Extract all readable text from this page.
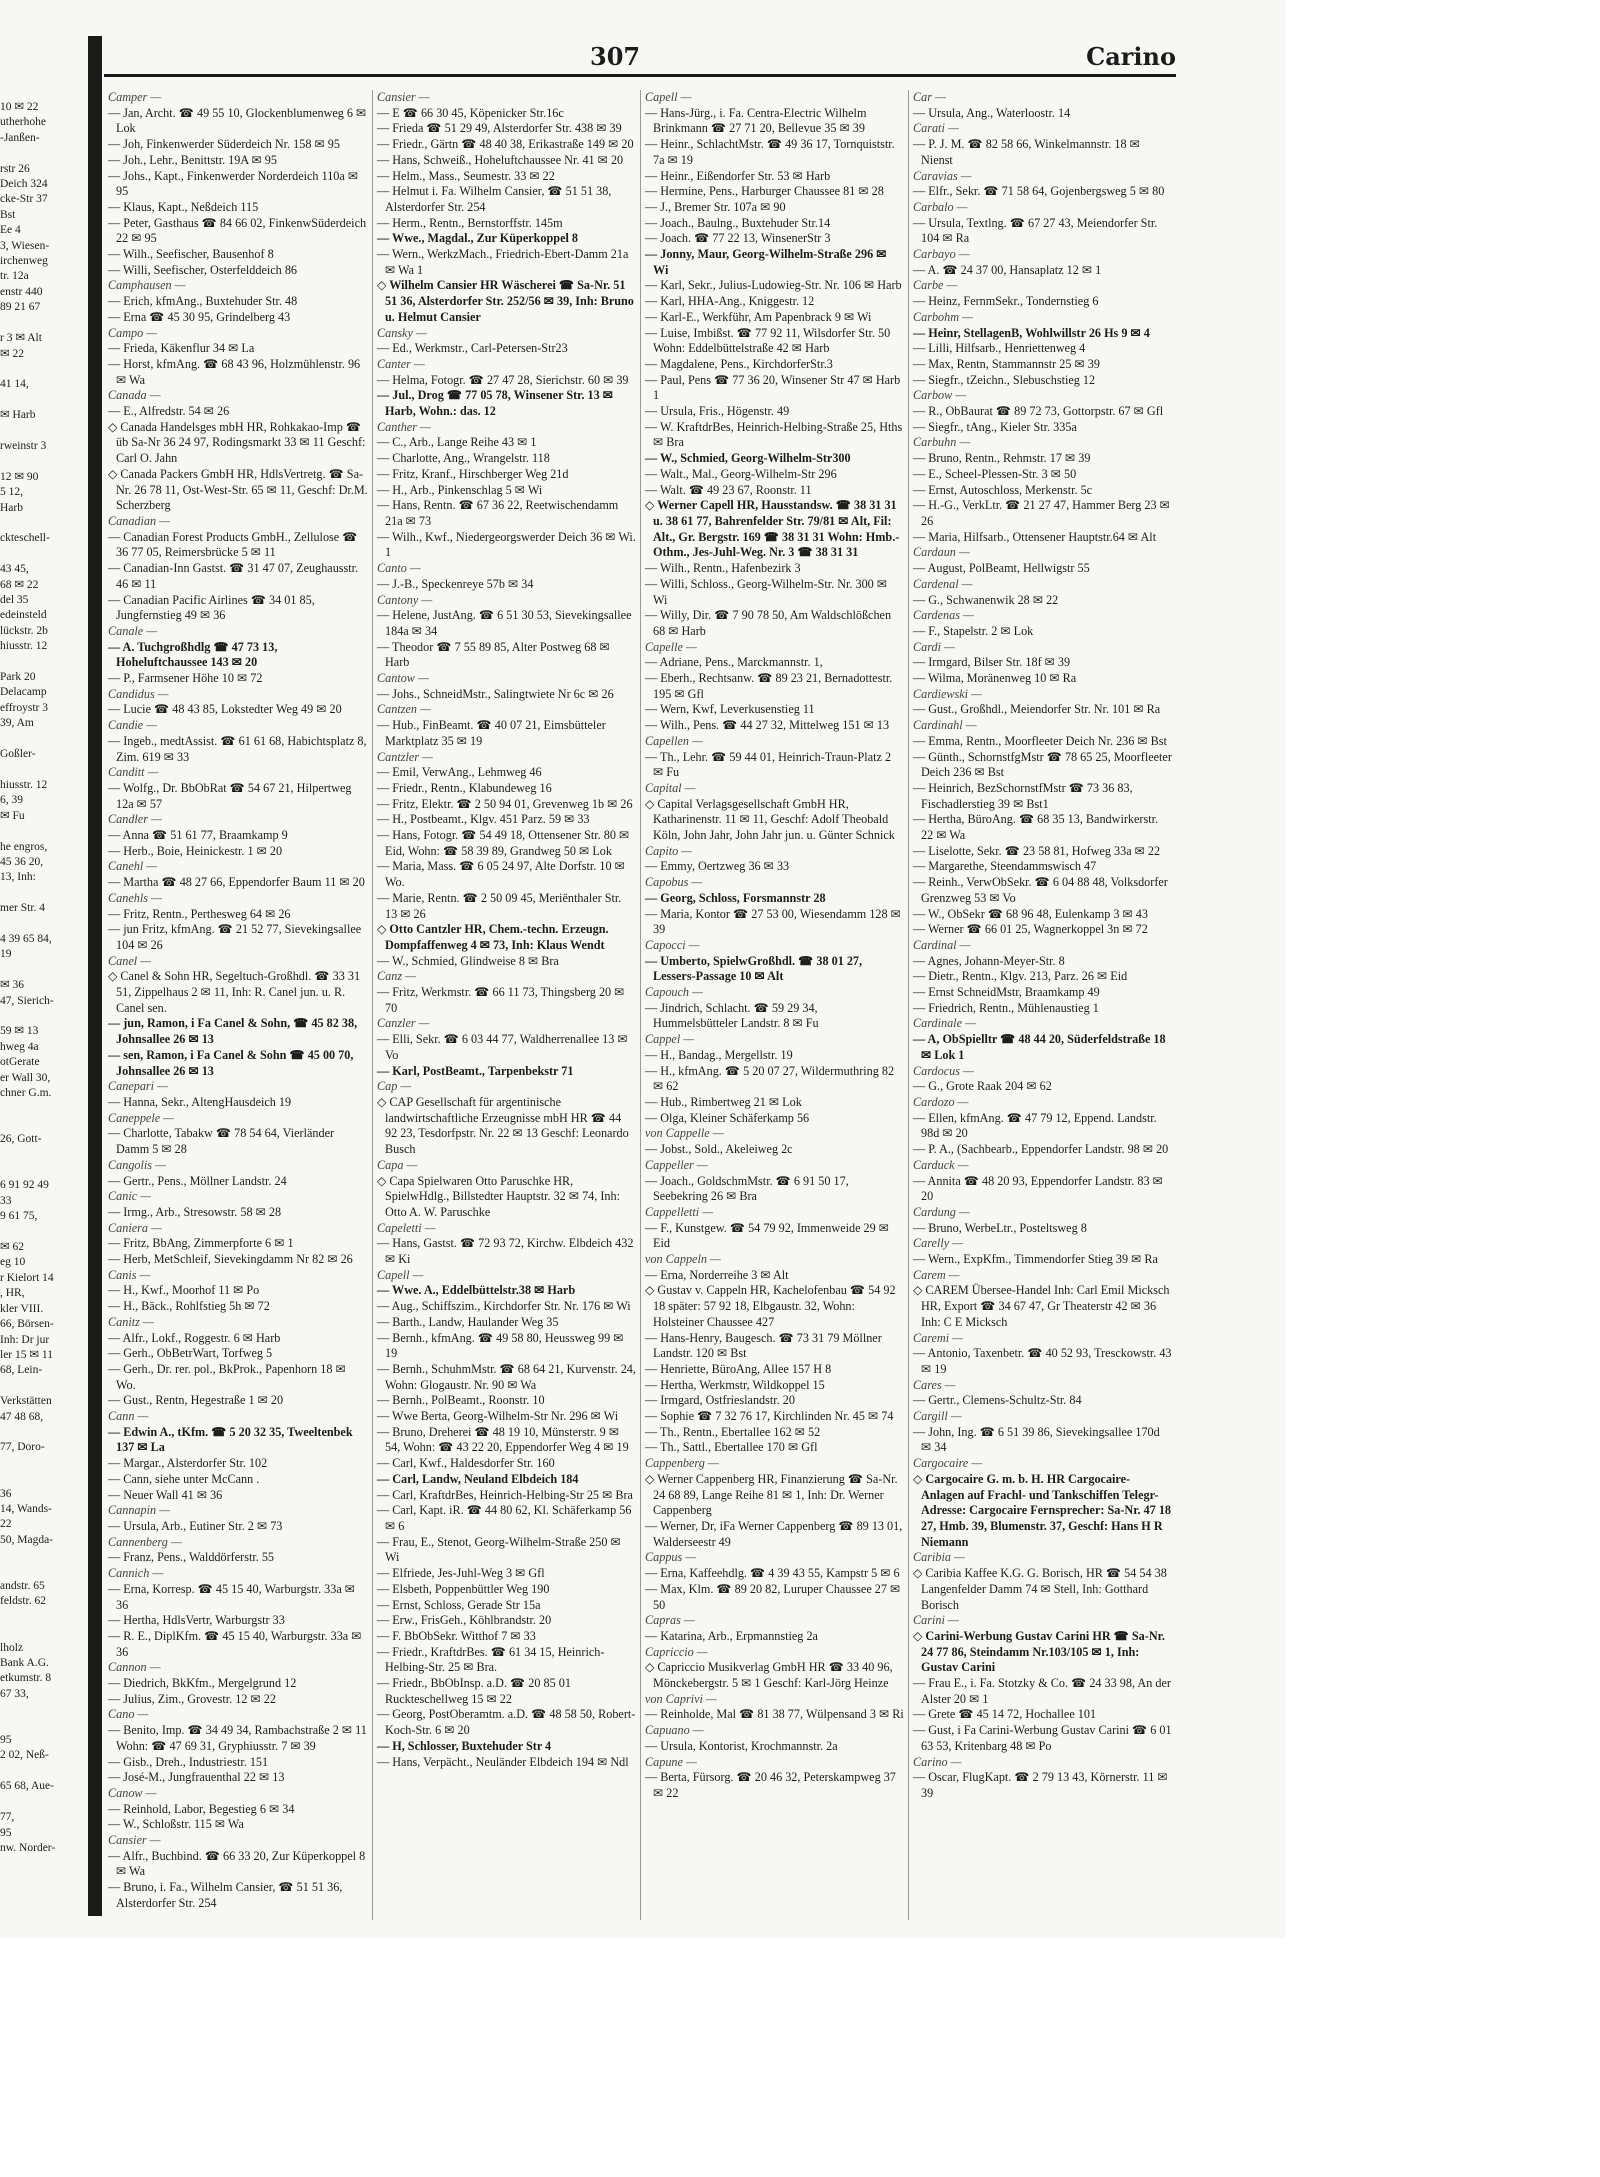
10 ✉ 22
utherhohe
-Janßen-

rstr 26
Deich 324
cke-Str 37
Bst
Ee 4
3, Wiesen-
irchenweg
tr. 12a
enstr 440
89 21 67

r 3 ✉ Alt
✉ 22

41 14,

✉ Harb

rweinstr 3

12 ✉ 90
5 12,
Harb

ckteschell-

43 45,
68 ✉ 22
del 35
edeinsteld
lückstr. 2b
hiusstr. 12

Park 20
Delacamp
effroystr 3
39, Am

Goßler-

hiusstr. 12
6, 39
✉ Fu

he engros,
45 36 20,
13, Inh:

mer Str. 4

4 39 65 84,
19

✉ 36
47, Sierich-

59 ✉ 13
hweg 4a
otGerate
er Wall 30,
chner G.m.

26, Gott-

6 91 92 49
33
9 61 75,

✉ 62
eg 10
r Kielort 14
, HR,
kler VIII.
66, Börsen-
Inh: Dr jur
ler 15 ✉ 11
68, Lein-

Verkstätten
47 48 68,

77, Doro-

36
14, Wands-
22
50, Magda-

andstr. 65
feldstr. 62

lholz
Bank A.G.
etkumstr. 8
67 33,

95
2 02, Neß-

65 68, Aue-

77,
95
nw. Norder-
307	Carino
Camper —
— Jan, Archt. ☎ 49 55 10, Glockenblumenweg 6 ✉ Lok
— Joh, Finkenwerder Süderdeich Nr. 158 ✉ 95
— Joh., Lehr., Benittstr. 19A ✉ 95
— Johs., Kapt., Finkenwerder Norderdeich 110a ✉ 95
— Klaus, Kapt., Neßdeich 115
— Peter, Gasthaus ☎ 84 66 02, FinkenwSüderdeich 22 ✉ 95
— Wilh., Seefischer, Bausenhof 8
— Willi, Seefischer, Osterfelddeich 86
Camphausen —
— Erich, kfmAng., Buxtehuder Str. 48
— Erna ☎ 45 30 95, Grindelberg 43
Campo —
— Frieda, Käkenflur 34 ✉ La
— Horst, kfmAng. ☎ 68 43 96, Holzmühlenstr. 96 ✉ Wa
Canada —
— E., Alfredstr. 54 ✉ 26
◇ Canada Handelsges mbH HR, Rohkakao-Imp ☎ üb Sa-Nr 36 24 97, Rodingsmarkt 33 ✉ 11 Geschf: Carl O. Jahn
◇ Canada Packers GmbH HR, HdlsVertretg. ☎ Sa-Nr. 26 78 11, Ost-West-Str. 65 ✉ 11, Geschf: Dr.M. Scherzberg
Canadian —
— Canadian Forest Products GmbH., Zellulose ☎ 36 77 05, Reimersbrücke 5 ✉ 11
— Canadian-Inn Gastst. ☎ 31 47 07, Zeughausstr. 46 ✉ 11
— Canadian Pacific Airlines ☎ 34 01 85, Jungfernstieg 49 ✉ 36
Canale —
— A. Tuchgroßhdlg ☎ 47 73 13, Hoheluftchaussee 143 ✉ 20
— P., Farmsener Höhe 10 ✉ 72
Candidus —
— Lucie ☎ 48 43 85, Lokstedter Weg 49 ✉ 20
Candie —
— Ingeb., medtAssist. ☎ 61 61 68, Habichtsplatz 8, Zim. 619 ✉ 33
Canditt —
— Wolfg., Dr. BbObRat ☎ 54 67 21, Hilpertweg 12a ✉ 57
Candler —
— Anna ☎ 51 61 77, Braamkamp 9
— Herb., Boie, Heinickestr. 1 ✉ 20
Canehl —
— Martha ☎ 48 27 66, Eppendorfer Baum 11 ✉ 20
Canehls —
— Fritz, Rentn., Perthesweg 64 ✉ 26
— jun Fritz, kfmAng. ☎ 21 52 77, Sievekingsallee 104 ✉ 26
Canel —
◇ Canel & Sohn HR, Segeltuch-Großhdl. ☎ 33 31 51, Zippelhaus 2 ✉ 11, Inh: R. Canel jun. u. R. Canel sen.
— jun, Ramon, i Fa Canel & Sohn, ☎ 45 82 38, Johnsallee 26 ✉ 13
— sen, Ramon, i Fa Canel & Sohn ☎ 45 00 70, Johnsallee 26 ✉ 13
Canepari —
— Hanna, Sekr., AltengHausdeich 19
Caneppele —
— Charlotte, Tabakw ☎ 78 54 64, Vierländer Damm 5 ✉ 28
Cangolis —
— Gertr., Pens., Möllner Landstr. 24
Canic —
— Irmg., Arb., Stresowstr. 58 ✉ 28
Caniera —
— Fritz, BbAng, Zimmerpforte 6 ✉ 1
— Herb, MetSchleif, Sievekingdamm Nr 82 ✉ 26
Canis —
— H., Kwf., Moorhof 11 ✉ Po
— H., Bäck., Rohlfstieg 5h ✉ 72
Canitz —
— Alfr., Lokf., Roggestr. 6 ✉ Harb
— Gerh., ObBetrWart, Torfweg 5
— Gerh., Dr. rer. pol., BkProk., Papenhorn 18 ✉ Wo.
— Gust., Rentn, Hegestraße 1 ✉ 20
Cann —
— Edwin A., tKfm. ☎ 5 20 32 35, Tweeltenbek 137 ✉ La
— Margar., Alsterdorfer Str. 102
— Cann, siehe unter McCann .
— Neuer Wall 41 ✉ 36
Cannapin —
— Ursula, Arb., Eutiner Str. 2 ✉ 73
Cannenberg —
— Franz, Pens., Walddörferstr. 55
Cannich —
— Erna, Korresp. ☎ 45 15 40, Warburgstr. 33a ✉ 36
— Hertha, HdlsVertr, Warburgstr 33
— R. E., DiplKfm. ☎ 45 15 40, Warburgstr. 33a ✉ 36
Cannon —
— Diedrich, BkKfm., Mergelgrund 12
— Julius, Zim., Grovestr. 12 ✉ 22
Cano —
— Benito, Imp. ☎ 34 49 34, Rambachstraße 2 ✉ 11 Wohn: ☎ 47 69 31, Gryphiusstr. 7 ✉ 39
— Gisb., Dreh., Industriestr. 151
— José-M., Jungfrauenthal 22 ✉ 13
Canow —
— Reinhold, Labor, Begestieg 6 ✉ 34
— W., Schloßstr. 115 ✉ Wa
Cansier —
— Alfr., Buchbind. ☎ 66 33 20, Zur Küperkoppel 8 ✉ Wa
— Bruno, i. Fa., Wilhelm Cansier, ☎ 51 51 36, Alsterdorfer Str. 254
Cansier —
— E ☎ 66 30 45, Köpenicker Str.16c
— Frieda ☎ 51 29 49, Alsterdorfer Str. 438 ✉ 39
— Friedr., Gärtn ☎ 48 40 38, Erikastraße 149 ✉ 20
— Hans, Schweiß., Hoheluftchaussee Nr. 41 ✉ 20
— Helm., Mass., Seumestr. 33 ✉ 22
— Helmut i. Fa. Wilhelm Cansier, ☎ 51 51 38, Alsterdorfer Str. 254
— Herm., Rentn., Bernstorffstr. 145m
— Wwe., Magdal., Zur Küperkoppel 8
— Wern., WerkzMach., Friedrich-Ebert-Damm 21a ✉ Wa 1
◇ Wilhelm Cansier HR Wäscherei ☎ Sa-Nr. 51 51 36, Alsterdorfer Str. 252/56 ✉ 39, Inh: Bruno u. Helmut Cansier
Cansky —
— Ed., Werkmstr., Carl-Petersen-Str23
Canter —
— Helma, Fotogr. ☎ 27 47 28, Sierichstr. 60 ✉ 39
— Jul., Drog ☎ 77 05 78, Winsener Str. 13 ✉ Harb, Wohn.: das. 12
Canther —
— C., Arb., Lange Reihe 43 ✉ 1
— Charlotte, Ang., Wrangelstr. 118
— Fritz, Kranf., Hirschberger Weg 21d
— H., Arb., Pinkenschlag 5 ✉ Wi
— Hans, Rentn. ☎ 67 36 22, Reetwischendamm 21a ✉ 73
— Wilh., Kwf., Niedergeorgswerder Deich 36 ✉ Wi. 1
Canto —
— J.-B., Speckenreye 57b ✉ 34
Cantony —
— Helene, JustAng. ☎ 6 51 30 53, Sievekingsallee 184a ✉ 34
— Theodor ☎ 7 55 89 85, Alter Postweg 68 ✉ Harb
Cantow —
— Johs., SchneidMstr., Salingtwiete Nr 6c ✉ 26
Cantzen —
— Hub., FinBeamt. ☎ 40 07 21, Eimsbütteler Marktplatz 35 ✉ 19
Cantzler —
— Emil, VerwAng., Lehmweg 46
— Friedr., Rentn., Klabundeweg 16
— Fritz, Elektr. ☎ 2 50 94 01, Grevenweg 1b ✉ 26
— H., Postbeamt., Klgv. 451 Parz. 59 ✉ 33
— Hans, Fotogr. ☎ 54 49 18, Ottensener Str. 80 ✉ Eid, Wohn: ☎ 58 39 89, Grandweg 50 ✉ Lok
— Maria, Mass. ☎ 6 05 24 97, Alte Dorfstr. 10 ✉ Wo.
— Marie, Rentn. ☎ 2 50 09 45, Meriënthaler Str. 13 ✉ 26
◇ Otto Cantzler HR, Chem.-techn. Erzeugn. Dompfaffenweg 4 ✉ 73, Inh: Klaus Wendt
— W., Schmied, Glindweise 8 ✉ Bra
Canz —
— Fritz, Werkmstr. ☎ 66 11 73, Thingsberg 20 ✉ 70
Canzler —
— Elli, Sekr. ☎ 6 03 44 77, Waldherrenallee 13 ✉ Vo
— Karl, PostBeamt., Tarpenbekstr 71
Cap —
◇ CAP Gesellschaft für argentinische landwirtschaftliche Erzeugnisse mbH HR ☎ 44 92 23, Tesdorfpstr. Nr. 22 ✉ 13 Geschf: Leonardo Busch
Capa —
◇ Capa Spielwaren Otto Paruschke HR, SpielwHdlg., Billstedter Hauptstr. 32 ✉ 74, Inh: Otto A. W. Paruschke
Capeletti —
— Hans, Gastst. ☎ 72 93 72, Kirchw. Elbdeich 432 ✉ Ki
Capell —
— Wwe. A., Eddelbüttelstr.38 ✉ Harb
— Aug., Schiffszim., Kirchdorfer Str. Nr. 176 ✉ Wi
— Barth., Landw, Haulander Weg 35
— Bernh., kfmAng. ☎ 49 58 80, Heussweg 99 ✉ 19
— Bernh., SchuhmMstr. ☎ 68 64 21, Kurvenstr. 24, Wohn: Glogaustr. Nr. 90 ✉ Wa
— Bernh., PolBeamt., Roonstr. 10
— Wwe Berta, Georg-Wilhelm-Str Nr. 296 ✉ Wi
— Bruno, Dreherei ☎ 48 19 10, Münsterstr. 9 ✉ 54, Wohn: ☎ 43 22 20, Eppendorfer Weg 4 ✉ 19
— Carl, Kwf., Haldesdorfer Str. 160
— Carl, Landw, Neuland Elbdeich 184
— Carl, KraftdrBes, Heinrich-Helbing-Str 25 ✉ Bra
— Carl, Kapt. iR. ☎ 44 80 62, Kl. Schäferkamp 56 ✉ 6
— Frau, E., Stenot, Georg-Wilhelm-Straße 250 ✉ Wi
— Elfriede, Jes-Juhl-Weg 3 ✉ Gfl
— Elsbeth, Poppenbüttler Weg 190
— Ernst, Schloss, Gerade Str 15a
— Erw., FrisGeh., Köhlbrandstr. 20
— F. BbObSekr. Witthof 7 ✉ 33
— Friedr., KraftdrBes. ☎ 61 34 15, Heinrich-Helbing-Str. 25 ✉ Bra.
— Friedr., BbObInsp. a.D. ☎ 20 85 01 Ruckteschellweg 15 ✉ 22
— Georg, PostOberamtm. a.D. ☎ 48 58 50, Robert-Koch-Str. 6 ✉ 20
— H, Schlosser, Buxtehuder Str 4
— Hans, Verpächt., Neuländer Elbdeich 194 ✉ Ndl
Capell —
— Hans-Jürg., i. Fa. Centra-Electric Wilhelm Brinkmann ☎ 27 71 20, Bellevue 35 ✉ 39
— Heinr., SchlachtMstr. ☎ 49 36 17, Tornquiststr. 7a ✉ 19
— Heinr., Eißendorfer Str. 53 ✉ Harb
— Hermine, Pens., Harburger Chaussee 81 ✉ 28
— J., Bremer Str. 107a ✉ 90
— Joach., Baulng., Buxtehuder Str.14
— Joach. ☎ 77 22 13, WinsenerStr 3
— Jonny, Maur, Georg-Wilhelm-Straße 296 ✉ Wi
— Karl, Sekr., Julius-Ludowieg-Str. Nr. 106 ✉ Harb
— Karl, HHA-Ang., Kniggestr. 12
— Karl-E., Werkführ, Am Papenbrack 9 ✉ Wi
— Luise, Imbißst. ☎ 77 92 11, Wilsdorfer Str. 50 Wohn: Eddelbüttelstraße 42 ✉ Harb
— Magdalene, Pens., KirchdorferStr.3
— Paul, Pens ☎ 77 36 20, Winsener Str 47 ✉ Harb 1
— Ursula, Fris., Högenstr. 49
— W. KraftdrBes, Heinrich-Helbing-Straße 25, Hths ✉ Bra
— W., Schmied, Georg-Wilhelm-Str300
— Walt., Mal., Georg-Wilhelm-Str 296
— Walt. ☎ 49 23 67, Roonstr. 11
◇ Werner Capell HR, Hausstandsw. ☎ 38 31 31 u. 38 61 77, Bahrenfelder Str. 79/81 ✉ Alt, Fil: Alt., Gr. Bergstr. 169 ☎ 38 31 31 Wohn: Hmb.-Othm., Jes-Juhl-Weg. Nr. 3 ☎ 38 31 31
— Wilh., Rentn., Hafenbezirk 3
— Willi, Schloss., Georg-Wilhelm-Str. Nr. 300 ✉ Wi
— Willy, Dir. ☎ 7 90 78 50, Am Waldschlößchen 68 ✉ Harb
Capelle —
— Adriane, Pens., Marckmannstr. 1,
— Eberh., Rechtsanw. ☎ 89 23 21, Bernadottestr. 195 ✉ Gfl
— Wern, Kwf, Leverkusenstieg 11
— Wilh., Pens. ☎ 44 27 32, Mittelweg 151 ✉ 13
Capellen —
— Th., Lehr. ☎ 59 44 01, Heinrich-Traun-Platz 2 ✉ Fu
Capital —
◇ Capital Verlagsgesellschaft GmbH HR, Katharinenstr. 11 ✉ 11, Geschf: Adolf Theobald Köln, John Jahr, John Jahr jun. u. Günter Schnick
Capito —
— Emmy, Oertzweg 36 ✉ 33
Capobus —
— Georg, Schloss, Forsmannstr 28
— Maria, Kontor ☎ 27 53 00, Wiesendamm 128 ✉ 39
Capocci —
— Umberto, SpielwGroßhdl. ☎ 38 01 27, Lessers-Passage 10 ✉ Alt
Capouch —
— Jindrich, Schlacht. ☎ 59 29 34, Hummelsbütteler Landstr. 8 ✉ Fu
Cappel —
— H., Bandag., Mergellstr. 19
— H., kfmAng. ☎ 5 20 07 27, Wildermuthring 82 ✉ 62
— Hub., Rimbertweg 21 ✉ Lok
— Olga, Kleiner Schäferkamp 56
von Cappelle —
— Jobst., Sold., Akeleiweg 2c
Cappeller —
— Joach., GoldschmMstr. ☎ 6 91 50 17, Seebekring 26 ✉ Bra
Cappelletti —
— F., Kunstgew. ☎ 54 79 92, Immenweide 29 ✉ Eid
von Cappeln —
— Erna, Norderreihe 3 ✉ Alt
◇ Gustav v. Cappeln HR, Kachelofenbau ☎ 54 92 18 später: 57 92 18, Elbgaustr. 32, Wohn: Holsteiner Chaussee 427
— Hans-Henry, Baugesch. ☎ 73 31 79 Möllner Landstr. 120 ✉ Bst
— Henriette, BüroAng, Allee 157 H 8
— Hertha, Werkmstr, Wildkoppel 15
— Irmgard, Ostfrieslandstr. 20
— Sophie ☎ 7 32 76 17, Kirchlinden Nr. 45 ✉ 74
— Th., Rentn., Ebertallee 162 ✉ 52
— Th., Sattl., Ebertallee 170 ✉ Gfl
Cappenberg —
◇ Werner Cappenberg HR, Finanzierung ☎ Sa-Nr. 24 68 89, Lange Reihe 81 ✉ 1, Inh: Dr. Werner Cappenberg
— Werner, Dr, iFa Werner Cappenberg ☎ 89 13 01, Walderseestr 49
Cappus —
— Erna, Kaffeehdlg. ☎ 4 39 43 55, Kampstr 5 ✉ 6
— Max, Klm. ☎ 89 20 82, Luruper Chaussee 27 ✉ 50
Capras —
— Katarina, Arb., Erpmannstieg 2a
Capriccio —
◇ Capriccio Musikverlag GmbH HR ☎ 33 40 96, Mönckebergstr. 5 ✉ 1 Geschf: Karl-Jörg Heinze
von Caprivi —
— Reinholde, Mal ☎ 81 38 77, Wülpensand 3 ✉ Ri
Capuano —
— Ursula, Kontorist, Krochmannstr. 2a
Capune —
— Berta, Fürsorg. ☎ 20 46 32, Peterskampweg 37 ✉ 22
Car —
— Ursula, Ang., Waterloostr. 14
Carati —
— P. J. M. ☎ 82 58 66, Winkelmannstr. 18 ✉ Nienst
Caravias —
— Elfr., Sekr. ☎ 71 58 64, Gojenbergsweg 5 ✉ 80
Carbalo —
— Ursula, Textlng. ☎ 67 27 43, Meiendorfer Str. 104 ✉ Ra
Carbayo —
— A. ☎ 24 37 00, Hansaplatz 12 ✉ 1
Carbe —
— Heinz, FernmSekr., Tondernstieg 6
Carbohm —
— Heinr, StellagenB, Wohlwillstr 26 Hs 9 ✉ 4
— Lilli, Hilfsarb., Henriettenweg 4
— Max, Rentn, Stammannstr 25 ✉ 39
— Siegfr., tZeichn., Slebuschstieg 12
Carbow —
— R., ObBaurat ☎ 89 72 73, Gottorpstr. 67 ✉ Gfl
— Siegfr., tAng., Kieler Str. 335a
Carbuhn —
— Bruno, Rentn., Rehmstr. 17 ✉ 39
— E., Scheel-Plessen-Str. 3 ✉ 50
— Ernst, Autoschloss, Merkenstr. 5c
— H.-G., VerkLtr. ☎ 21 27 47, Hammer Berg 23 ✉ 26
— Maria, Hilfsarb., Ottensener Hauptstr.64 ✉ Alt
Cardaun —
— August, PolBeamt, Hellwigstr 55
Cardenal —
— G., Schwanenwik 28 ✉ 22
Cardenas —
— F., Stapelstr. 2 ✉ Lok
Cardi —
— Irmgard, Bilser Str. 18f ✉ 39
— Wilma, Moränenweg 10 ✉ Ra
Cardiewski —
— Gust., Großhdl., Meiendorfer Str. Nr. 101 ✉ Ra
Cardinahl —
— Emma, Rentn., Moorfleeter Deich Nr. 236 ✉ Bst
— Günth., SchornstfgMstr ☎ 78 65 25, Moorfleeter Deich 236 ✉ Bst
— Heinrich, BezSchornstfMstr ☎ 73 36 83, Fischadlerstieg 39 ✉ Bst1
— Hertha, BüroAng. ☎ 68 35 13, Bandwirkerstr. 22 ✉ Wa
— Liselotte, Sekr. ☎ 23 58 81, Hofweg 33a ✉ 22
— Margarethe, Steendammswisch 47
— Reinh., VerwObSekr. ☎ 6 04 88 48, Volksdorfer Grenzweg 53 ✉ Vo
— W., ObSekr ☎ 68 96 48, Eulenkamp 3 ✉ 43
— Werner ☎ 66 01 25, Wagnerkoppel 3n ✉ 72
Cardinal —
— Agnes, Johann-Meyer-Str. 8
— Dietr., Rentn., Klgv. 213, Parz. 26 ✉ Eid
— Ernst SchneidMstr, Braamkamp 49
— Friedrich, Rentn., Mühlenaustieg 1
Cardinale —
— A, ObSpielltr ☎ 48 44 20, Süderfeldstraße 18 ✉ Lok 1
Cardocus —
— G., Grote Raak 204 ✉ 62
Cardozo —
— Ellen, kfmAng. ☎ 47 79 12, Eppend. Landstr. 98d ✉ 20
— P. A., (Sachbearb., Eppendorfer Landstr. 98 ✉ 20
Carduck —
— Annita ☎ 48 20 93, Eppendorfer Landstr. 83 ✉ 20
Cardung —
— Bruno, WerbeLtr., Posteltsweg 8
Carelly —
— Wern., ExpKfm., Timmendorfer Stieg 39 ✉ Ra
Carem —
◇ CAREM Übersee-Handel Inh: Carl Emil Micksch HR, Export ☎ 34 67 47, Gr Theaterstr 42 ✉ 36 Inh: C E Micksch
Caremi —
— Antonio, Taxenbetr. ☎ 40 52 93, Tresckowstr. 43 ✉ 19
Cares —
— Gertr., Clemens-Schultz-Str. 84
Cargill —
— John, Ing. ☎ 6 51 39 86, Sievekingsallee 170d ✉ 34
Cargocaire —
◇ Cargocaire G. m. b. H. HR Cargocaire-Anlagen auf Frachl- und Tankschiffen Telegr-Adresse: Cargocaire Fernsprecher: Sa-Nr. 47 18 27, Hmb. 39, Blumenstr. 37, Geschf: Hans H R Niemann
Caribia —
◇ Caribia Kaffee K.G. G. Borisch, HR ☎ 54 54 38 Langenfelder Damm 74 ✉ Stell, Inh: Gotthard Borisch
Carini —
◇ Carini-Werbung Gustav Carini HR ☎ Sa-Nr. 24 77 86, Steindamm Nr.103/105 ✉ 1, Inh: Gustav Carini
— Frau E., i. Fa. Stotzky & Co. ☎ 24 33 98, An der Alster 20 ✉ 1
— Grete ☎ 45 14 72, Hochallee 101
— Gust, i Fa Carini-Werbung Gustav Carini ☎ 6 01 63 53, Kritenbarg 48 ✉ Po
Carino —
— Oscar, FlugKapt. ☎ 2 79 13 43, Körnerstr. 11 ✉ 39
